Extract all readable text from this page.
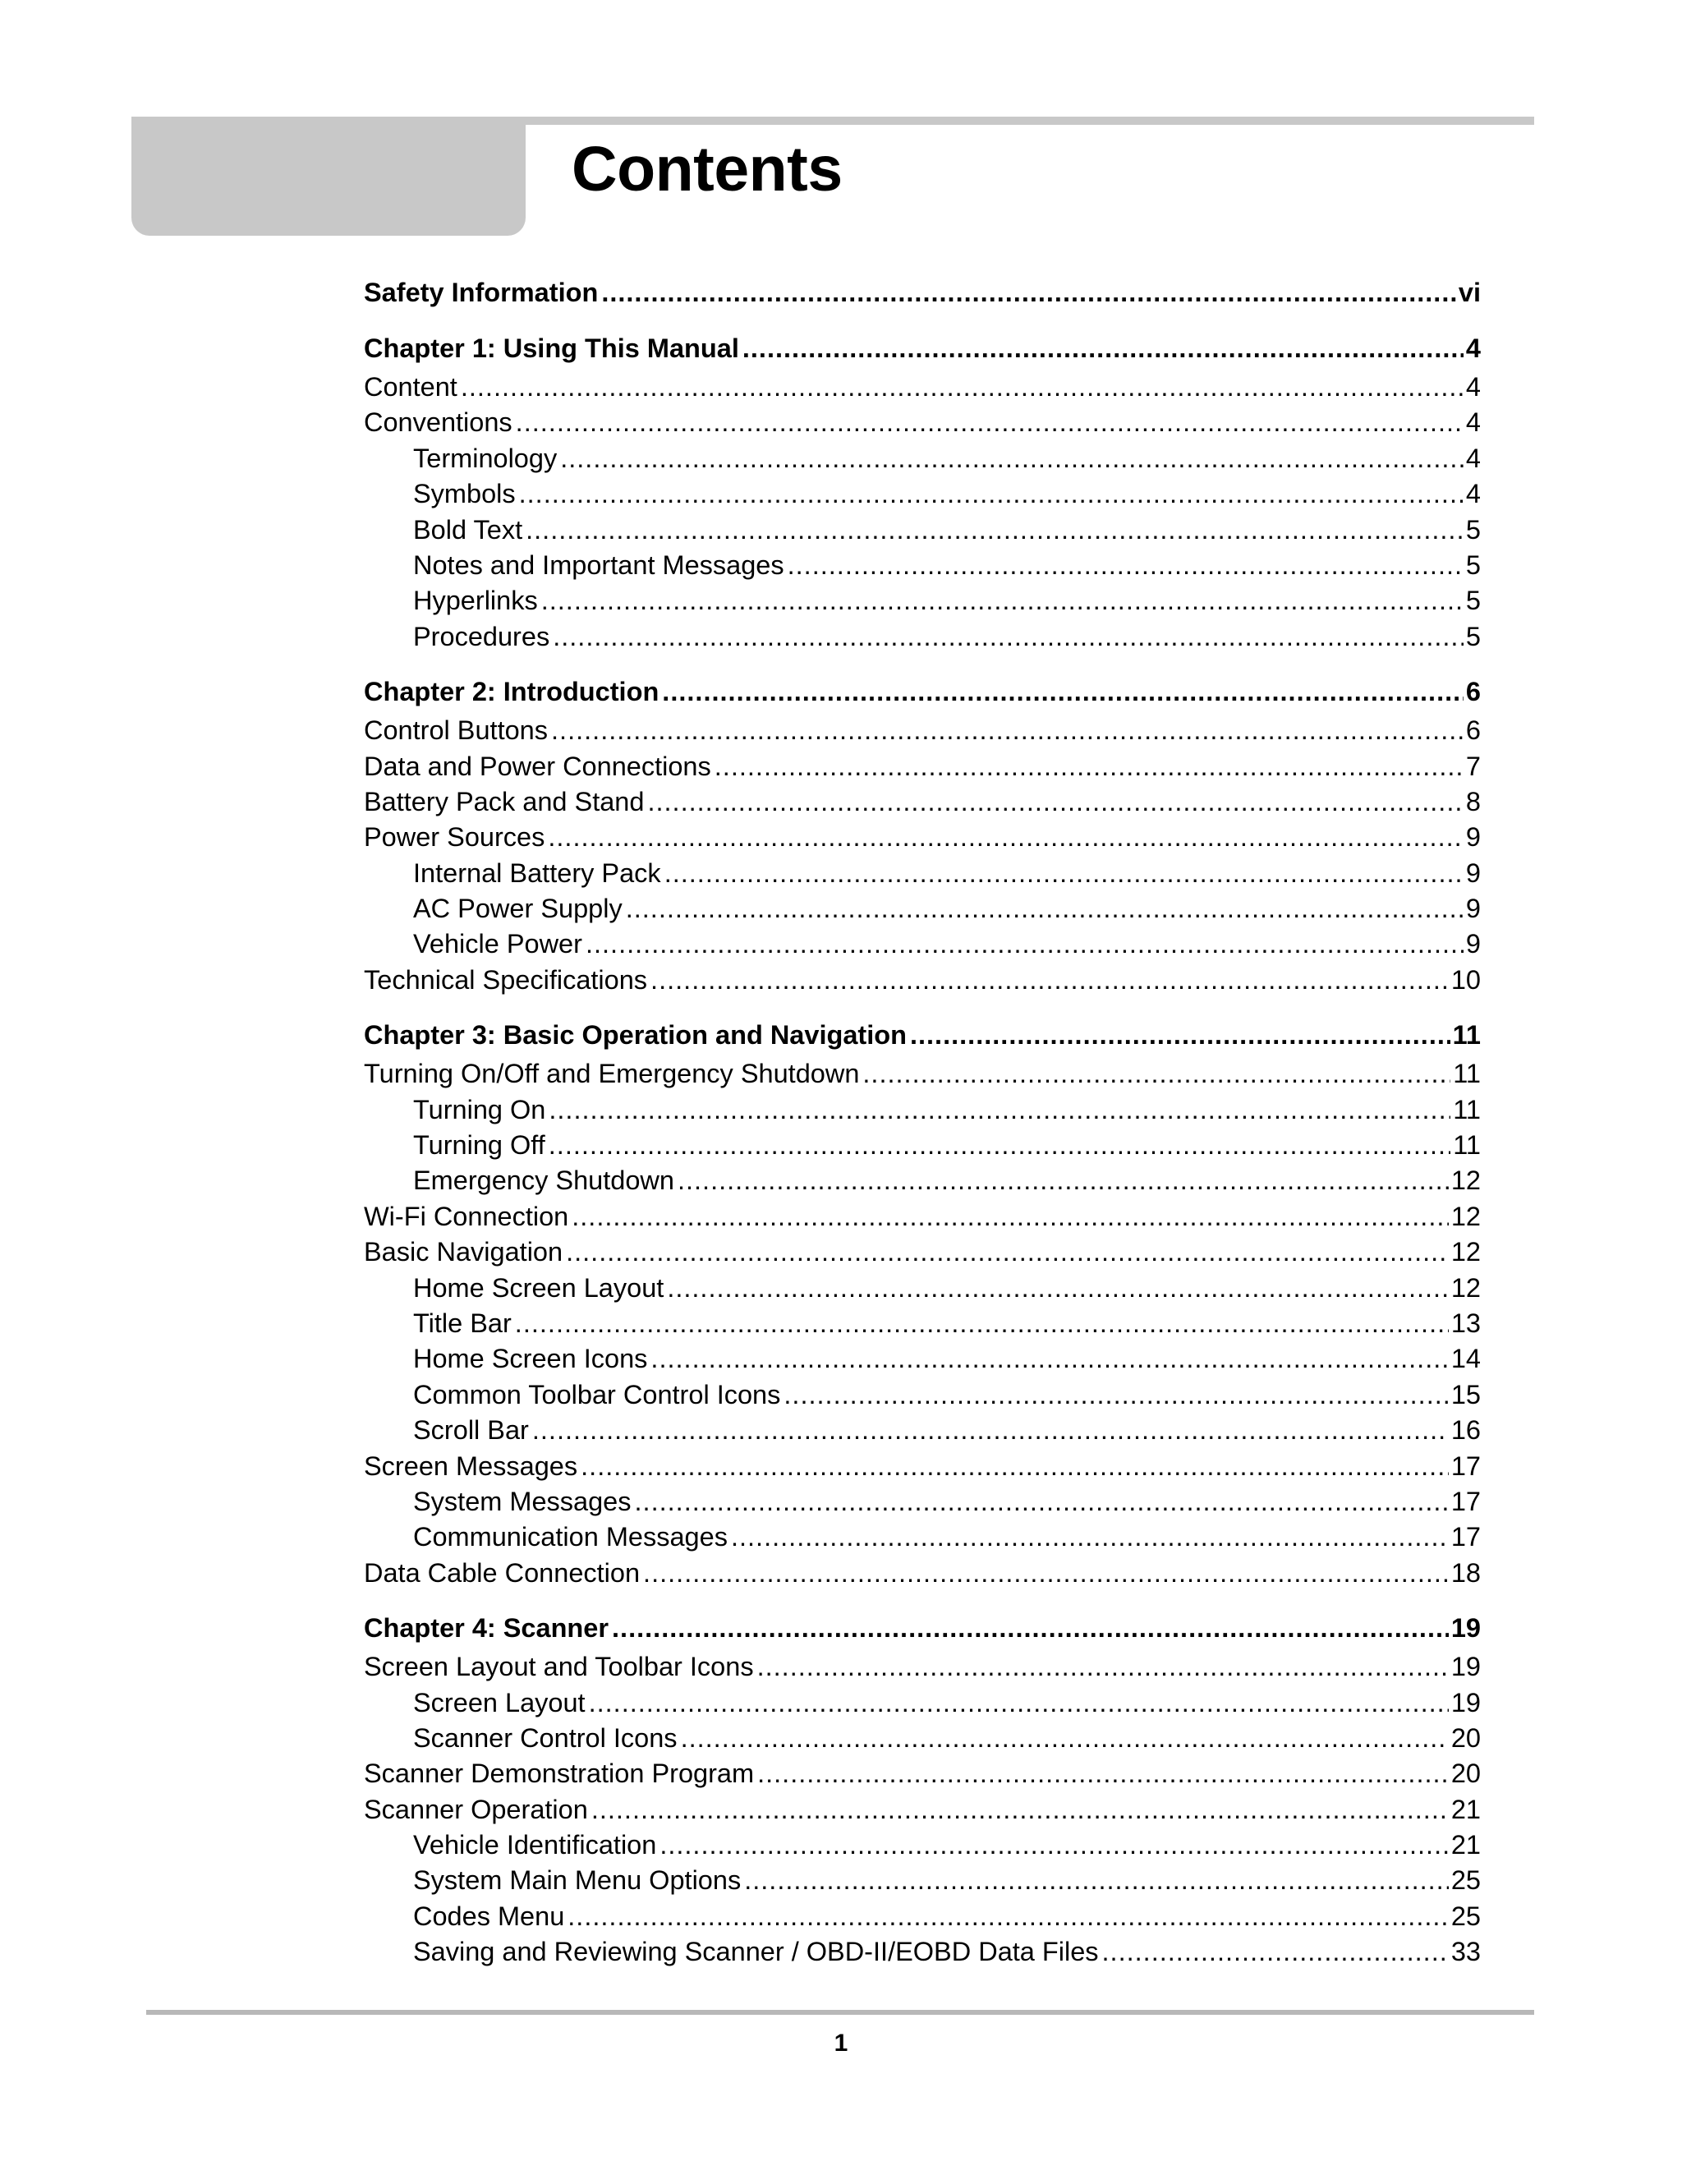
Contents
Safety Information .....	vi
Chapter 1: Using This Manual .....	4
Content .....	4
Conventions .....	4
Terminology .....	4
Symbols .....	4
Bold Text .....	5
Notes and Important Messages .....	5
Hyperlinks .....	5
Procedures .....	5
Chapter 2: Introduction .....	6
Control Buttons .....	6
Data and Power Connections .....	7
Battery Pack and Stand .....	8
Power Sources .....	9
Internal Battery Pack .....	9
AC Power Supply .....	9
Vehicle Power .....	9
Technical Specifications .....	10
Chapter 3: Basic Operation and Navigation .....	11
Turning On/Off and Emergency Shutdown .....	11
Turning On .....	11
Turning Off .....	11
Emergency Shutdown .....	12
Wi-Fi Connection .....	12
Basic Navigation .....	12
Home Screen Layout .....	12
Title Bar .....	13
Home Screen Icons .....	14
Common Toolbar Control Icons .....	15
Scroll Bar .....	16
Screen Messages .....	17
System Messages .....	17
Communication Messages .....	17
Data Cable Connection .....	18
Chapter 4: Scanner .....	19
Screen Layout and Toolbar Icons .....	19
Screen Layout .....	19
Scanner Control Icons .....	20
Scanner Demonstration Program .....	20
Scanner Operation .....	21
Vehicle Identification .....	21
System Main Menu Options .....	25
Codes Menu .....	25
Saving and Reviewing Scanner / OBD-II/EOBD Data Files .....	33
1
